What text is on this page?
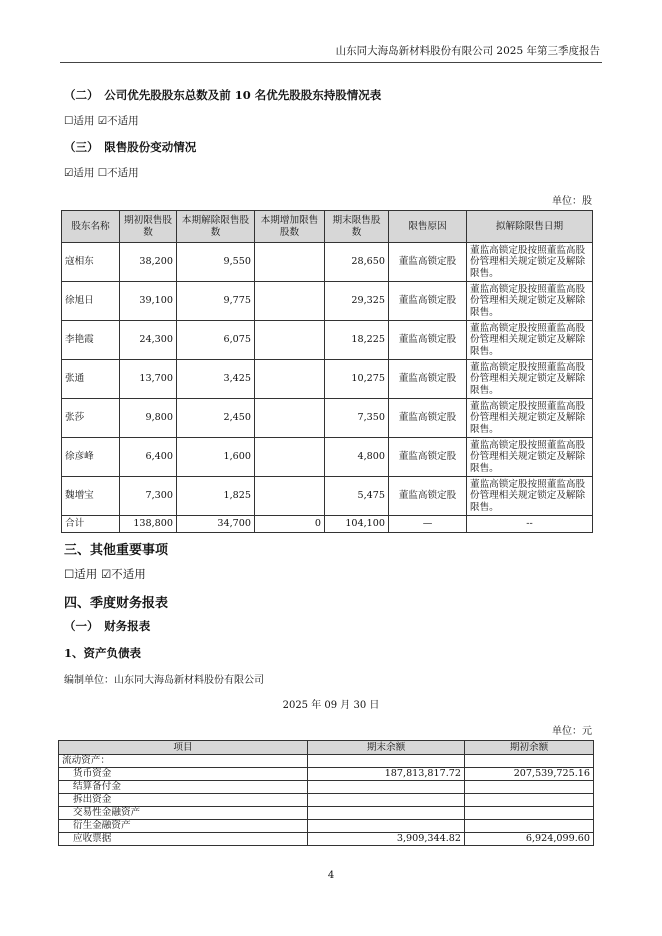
山东同大海岛新材料股份有限公司 2025 年第三季度报告
（二）　公司优先股股东总数及前 10 名优先股股东持股情况表
☐适用 ☑不适用
（三）　限售股份变动情况
☑适用 ☐不适用
单位：股
股东名称	期初限售股数	本期解除限售股数	本期增加限售股数	期末限售股数	限售原因	拟解除限售日期
寇相东	38,200	9,550		28,650	董监高锁定股	董监高锁定股按照董监高股份管理相关规定锁定及解除限售。
徐旭日	39,100	9,775		29,325	董监高锁定股	董监高锁定股按照董监高股份管理相关规定锁定及解除限售。
李艳霞	24,300	6,075		18,225	董监高锁定股	董监高锁定股按照董监高股份管理相关规定锁定及解除限售。
张通	13,700	3,425		10,275	董监高锁定股	董监高锁定股按照董监高股份管理相关规定锁定及解除限售。
张莎	9,800	2,450		7,350	董监高锁定股	董监高锁定股按照董监高股份管理相关规定锁定及解除限售。
徐彦峰	6,400	1,600		4,800	董监高锁定股	董监高锁定股按照董监高股份管理相关规定锁定及解除限售。
魏增宝	7,300	1,825		5,475	董监高锁定股	董监高锁定股按照董监高股份管理相关规定锁定及解除限售。
合计	138,800	34,700	0	104,100	—	--
三、其他重要事项
☐适用 ☑不适用
四、季度财务报表
（一）　财务报表
1、资产负债表
编制单位：山东同大海岛新材料股份有限公司
2025 年 09 月 30 日
单位：元
项目	期末余额	期初余额
流动资产：		
货币资金	187,813,817.72	207,539,725.16
结算备付金		
拆出资金		
交易性金融资产		
衍生金融资产		
应收票据	3,909,344.82	6,924,099.60
4
